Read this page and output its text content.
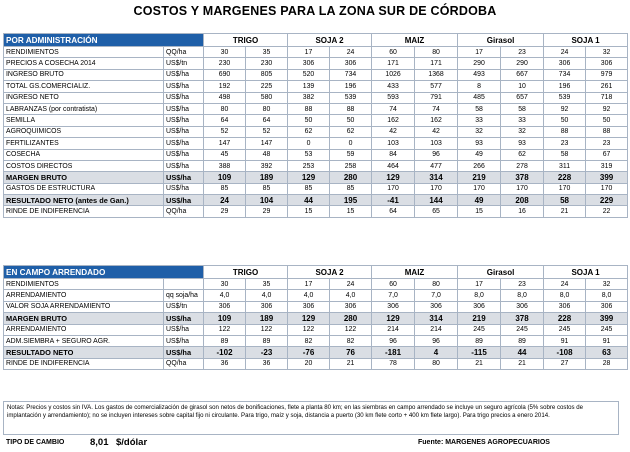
COSTOS Y MARGENES PARA LA ZONA SUR DE CÓRDOBA
POR ADMINISTRACIÓN		TRIGO		SOJA 2		MAIZ		Girasol		SOJA 1	
RENDIMIENTOS	QQ/ha	30	35	17	24	60	80	17	23	24	32
PRECIOS A COSECHA 2014	US$/tn	230	230	306	306	171	171	290	290	306	306
INGRESO BRUTO	US$/ha	690	805	520	734	1026	1368	493	667	734	979
TOTAL GS.COMERCIALIZ.	US$/ha	192	225	139	196	433	577	8	10	196	261
INGRESO NETO	US$/ha	498	580	382	539	593	791	485	657	539	718
LABRANZAS (por contratista)	US$/ha	80	80	88	88	74	74	58	58	92	92
SEMILLA	US$/ha	64	64	50	50	162	162	33	33	50	50
AGROQUIMICOS	US$/ha	52	52	62	62	42	42	32	32	88	88
FERTILIZANTES	US$/ha	147	147	0	0	103	103	93	93	23	23
COSECHA	US$/ha	45	48	53	59	84	96	49	62	58	67
COSTOS DIRECTOS	US$/ha	388	392	253	258	464	477	266	278	311	319
MARGEN BRUTO	US$/ha	109	189	129	280	129	314	219	378	228	399
GASTOS DE ESTRUCTURA	US$/ha	85	85	85	85	170	170	170	170	170	170
RESULTADO NETO (antes de Gan.)	US$/ha	24	104	44	195	-41	144	49	208	58	229
RINDE DE INDIFERENCIA	QQ/ha	29	29	15	15	64	65	15	16	21	22
EN CAMPO ARRENDADO		TRIGO		SOJA 2		MAIZ		Girasol		SOJA 1	
RENDIMIENTOS		30	35	17	24	60	80	17	23	24	32
ARRENDAMIENTO	qq soja/ha	4,0	4,0	4,0	4,0	7,0	7,0	8,0	8,0	8,0	8,0
VALOR SOJA ARRENDAMIENTO	US$/tn	306	306	306	306	306	306	306	306	306	306
MARGEN BRUTO	US$/ha	109	189	129	280	129	314	219	378	228	399
ARRENDAMIENTO	US$/ha	122	122	122	122	214	214	245	245	245	245
ADM.SIEMBRA + SEGURO AGR.	US$/ha	89	89	82	82	96	96	89	89	91	91
RESULTADO NETO	US$/ha	-102	-23	-76	76	-181	4	-115	44	-108	63
RINDE DE INDIFERENCIA	QQ/ha	36	36	20	21	78	80	21	21	27	28
Notas: Precios y costos sin IVA. Los gastos de comercialización de girasol son netos de bonificaciones, flete a planta 80 km; en las siembras en campo arrendado se incluye un seguro agrícola (5% sobre costos de implantación y arrendamiento); no se incluyen intereses sobre capital fijo ni circulante. Para trigo, maíz y soja, distancia a puerto (30 km flete corto + 400 km flete largo). Para trigo precios a enero 2014.
TIPO DE CAMBIO	8,01 $/dólar	Fuente: MARGENES AGROPECUARIOS
